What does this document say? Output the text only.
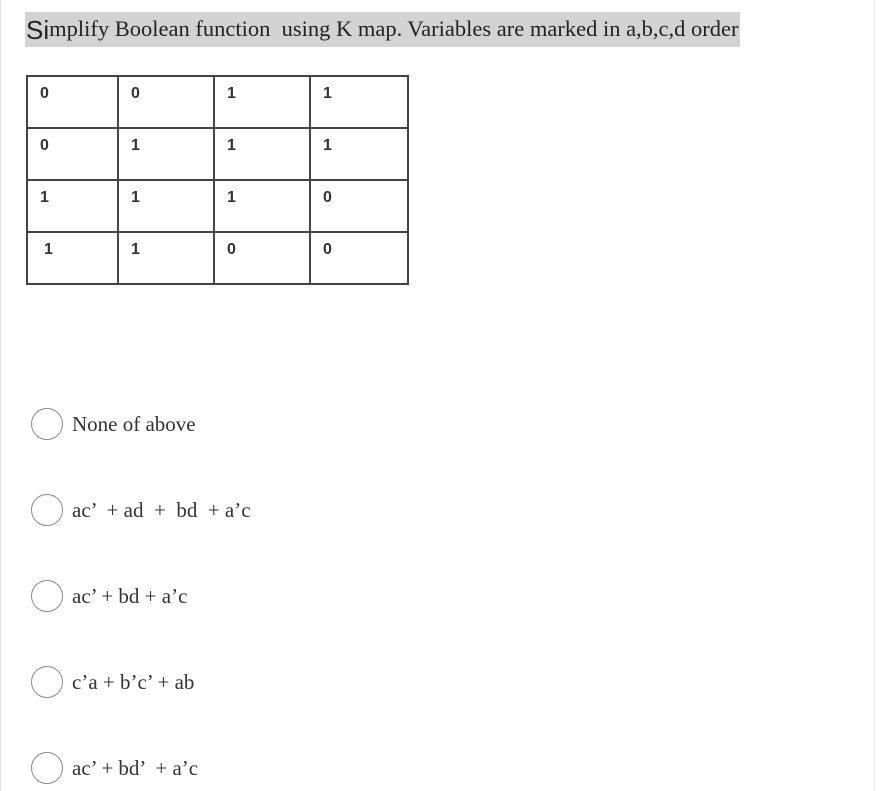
Si mplify Boolean function  using K map. Variables are marked in a,b,c,d order
0	0	1	1
0	1	1	1
1	1	1	0
1	1	0	0
None of above
ac’  + ad  +  bd  + a’c
ac’ + bd + a’c
c’a + b’c’ + ab
ac’ + bd’  + a’c
